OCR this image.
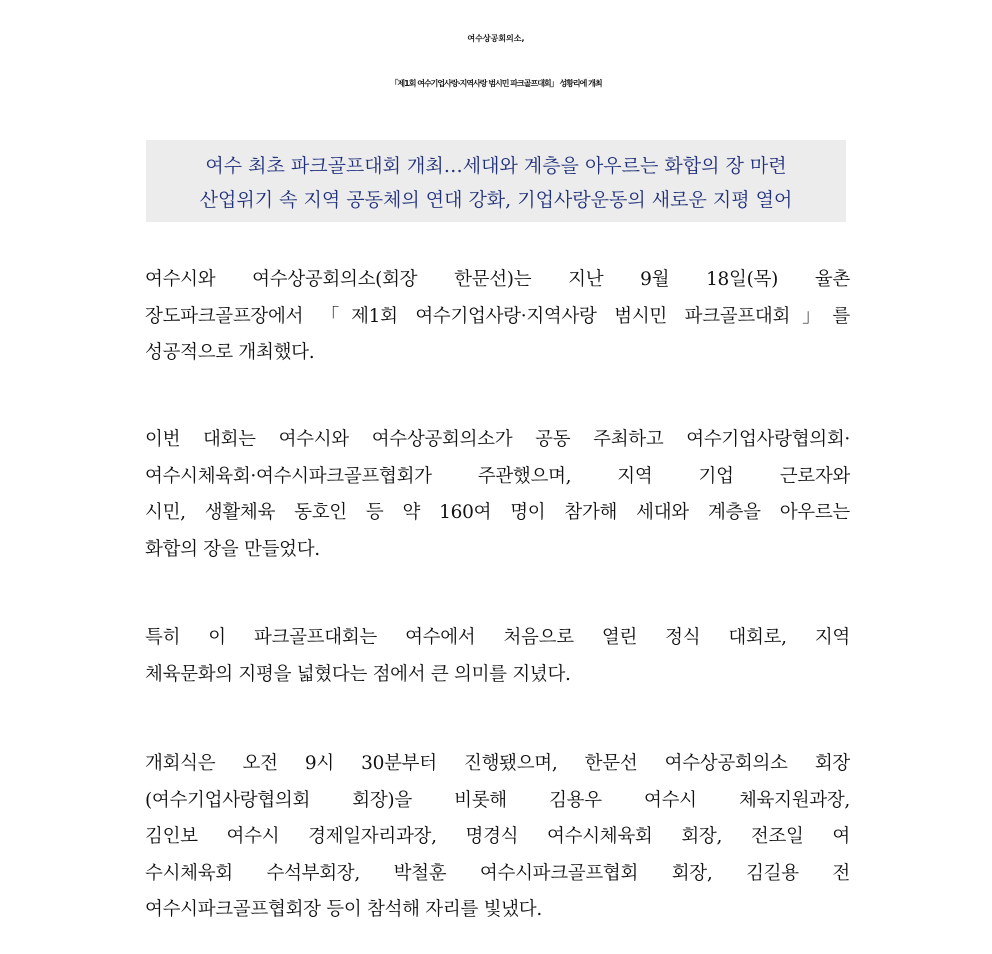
여수상공회의소,
「제1회 여수기업사랑·지역사랑 범시민 파크골프대회」 성황리에 개최
여수 최초 파크골프대회 개최…세대와 계층을 아우르는 화합의 장 마련
산업위기 속 지역 공동체의 연대 강화, 기업사랑운동의 새로운 지평 열어
여수시와 여수상공회의소(회장 한문선)는 지난 9월 18일(목) 율촌
장도파크골프장에서 「제1회 여수기업사랑·지역사랑 범시민 파크골프대회」를
성공적으로 개최했다.
이번 대회는 여수시와 여수상공회의소가 공동 주최하고 여수기업사랑협의회·
여수시체육회·여수시파크골프협회가 주관했으며, 지역 기업 근로자와
시민, 생활체육 동호인 등 약 160여 명이 참가해 세대와 계층을 아우르는
화합의 장을 만들었다.
특히 이 파크골프대회는 여수에서 처음으로 열린 정식 대회로, 지역
체육문화의 지평을 넓혔다는 점에서 큰 의미를 지녔다.
개회식은 오전 9시 30분부터 진행됐으며, 한문선 여수상공회의소 회장
(여수기업사랑협의회 회장)을 비롯해 김용우 여수시 체육지원과장,
김인보 여수시 경제일자리과장, 명경식 여수시체육회 회장, 전조일 여
수시체육회 수석부회장, 박철훈 여수시파크골프협회 회장, 김길용 전
여수시파크골프협회장 등이 참석해 자리를 빛냈다.
